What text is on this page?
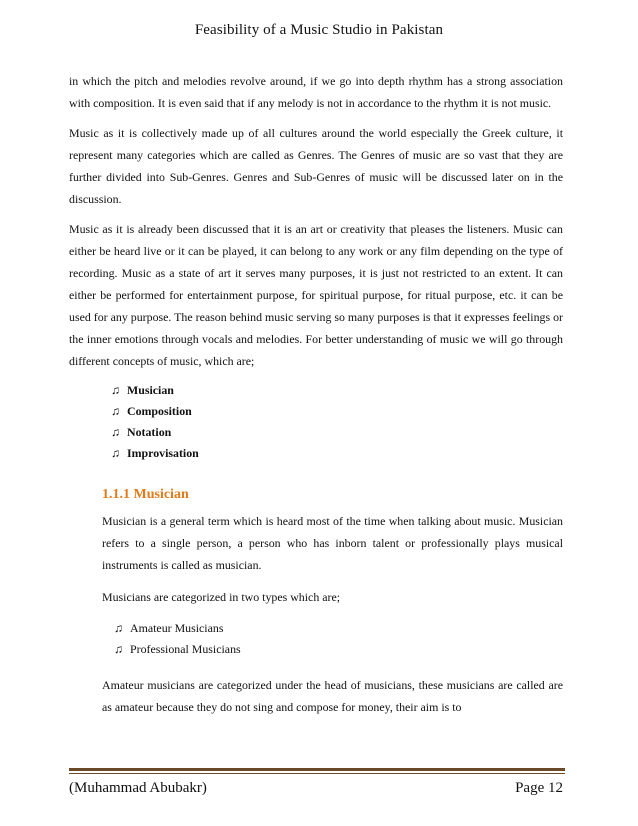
Feasibility of a Music Studio in Pakistan

in which the pitch and melodies revolve around, if we go into depth rhythm has a strong association with composition. It is even said that if any melody is not in accordance to the rhythm it is not music.

Music as it is collectively made up of all cultures around the world especially the Greek culture, it represent many categories which are called as Genres. The Genres of music are so vast that they are further divided into Sub-Genres. Genres and Sub-Genres of music will be discussed later on in the discussion.

Music as it is already been discussed that it is an art or creativity that pleases the listeners. Music can either be heard live or it can be played, it can belong to any work or any film depending on the type of recording. Music as a state of art it serves many purposes, it is just not restricted to an extent. It can either be performed for entertainment purpose, for spiritual purpose, for ritual purpose, etc. it can be used for any purpose. The reason behind music serving so many purposes is that it expresses feelings or the inner emotions through vocals and melodies. For better understanding of music we will go through different concepts of music, which are;

♫ Musician
♫ Composition
♫ Notation
♫ Improvisation
1.1.1 Musician

Musician is a general term which is heard most of the time when talking about music. Musician refers to a single person, a person who has inborn talent or professionally plays musical instruments is called as musician.

Musicians are categorized in two types which are;

♫ Amateur Musicians
♫ Professional Musicians

Amateur musicians are categorized under the head of musicians, these musicians are called are as amateur because they do not sing and compose for money, their aim is to

(Muhammad Abubakr)	Page 12
